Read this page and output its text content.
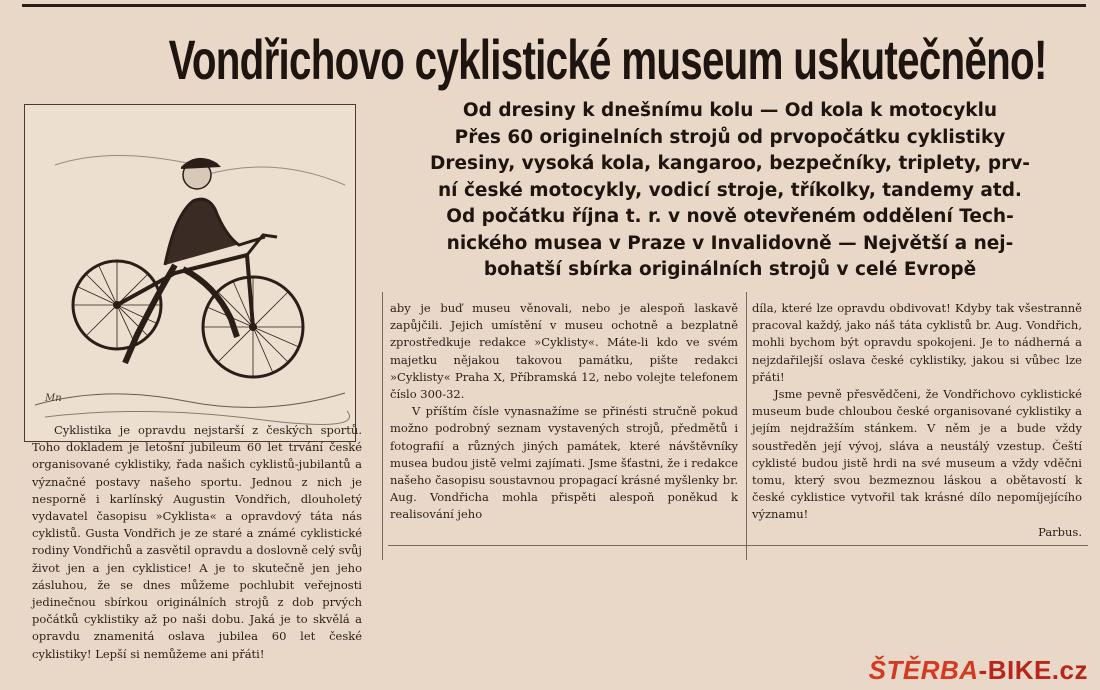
Vondřichovo cyklistické museum uskutečněno!
Mn
Od dresiny k dnešnímu kolu — Od kola k motocyklu
Přes 60 originelních strojů od prvopočátku cyklistiky
Dresiny, vysoká kola, kangaroo, bezpečníky, triplety, prv-
ní české motocykly, vodicí stroje, tříkolky, tandemy atd.
Od počátku října t. r. v nově otevřeném oddělení Tech-
nického musea v Praze v Invalidovně — Největší a nej-
bohatší sbírka originálních strojů v celé Evropě

Cyklistika je opravdu nejstarší z českých sportů. Toho dokladem je letošní jubileum 60 let trvání české organisované cyklistiky, řada našich cyklistů-jubilantů a význačné postavy našeho sportu. Jednou z nich je nesporně i karlínský Augustin Vondřich, dlouholetý vydavatel časopisu »Cyklista« a opravdový táta nás cyklistů. Gusta Vondřich je ze staré a známé cyklistické rodiny Vondřichů a zasvětil opravdu a doslovně celý svůj život jen a jen cyklistice! A je to skutečně jen jeho zásluhou, že se dnes můžeme pochlubit veřejnosti jedinečnou sbírkou originálních strojů z dob prvých počátků cyklistiky až po naši dobu. Jaká je to skvělá a opravdu znamenitá oslava jubilea 60 let české cyklistiky! Lepší si nemůžeme ani přáti!

aby je buď museu věnovali, nebo je alespoň laskavě zapůjčili. Jejich umístění v museu ochotně a bezplatně zprostředkuje redakce »Cyklisty«. Máte-li kdo ve svém majetku nějakou takovou památku, pište redakci »Cyklisty« Praha X, Příbramská 12, nebo volejte telefonem číslo 300-32.

V příštím čísle vynasnažíme se přinésti stručně pokud možno podrobný seznam vystavených strojů, předmětů i fotografií a různých jiných památek, které návštěvníky musea budou jistě velmi zajímati. Jsme šťastni, že i redakce našeho časopisu soustavnou propagací krásné myšlenky br. Aug. Vondřicha mohla přispěti alespoň poněkud k realisování jeho

díla, které lze opravdu obdivovat! Kdyby tak všestranně pracoval každý, jako náš táta cyklistů br. Aug. Vondřich, mohli bychom být opravdu spokojeni. Je to nádherná a nejzdařilejší oslava české cyklistiky, jakou si vůbec lze přáti!

Jsme pevně přesvědčeni, že Vondřichovo cyklistické museum bude chloubou české organisované cyklistiky a jejím nejdražším stánkem. V něm je a bude vždy soustředěn její vývoj, sláva a neustálý vzestup. Čeští cyklisté budou jistě hrdi na své museum a vždy vděčni tomu, který svou bezmeznou láskou a obětavostí k české cyklistice vytvořil tak krásné dílo nepomíjejícího významu!

Parbus.

ŠTĚRBA-BIKE.cz
